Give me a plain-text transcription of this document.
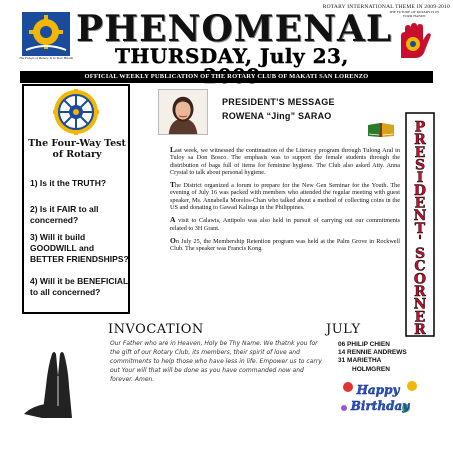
ROTARY INTERNATIONAL THEME IN 2009-2010
The Future of Rotary Is in Your Hands
THE FUTURE OF ROTARY IS IN YOUR HANDS
PHENOMENAL
THURSDAY, July 23,
OFFICIAL WEEKLY PUBLICATION OF THE ROTARY CLUB OF MAKATI SAN LORENZO
The Four-Way Test of Rotary
1) Is it the TRUTH?
2) Is it FAIR to all concerned?
3) Will it build GOODWILL and BETTER FRIENDSHIPS?
4) Will it be BENEFICIAL to all concerned?
PRESIDENT'S MESSAGE
ROWENA “Jing” SARAO

Last week, we witnessed the continuation of the Literacy program through Tulong Aral in Tuloy sa Don Bosco. The emphasis was to support the female students through the distribution of bags full of items for feminine hygiene. The Club also asked Atty. Anna Crystal to talk about personal hygiene.

The District organized a forum to prepare for the New Gen Seminar for the Youth. The evening of July 16 was packed with members who attended the regular meeting with guest speaker, Ms. Annabella Morelos-Chan who talked about a method of collecting coins in the US and donating to Gawad Kalinga in the Philippines.

A visit to Calawis, Antipolo was also held in pursuit of carrying out our commitments related to 3H Grant.

On July 25, the Membership Retention program was held at the Palm Grove in Rockwell Club. The speaker was Francis Kong.

P
R
E
S
I
D
E
N
T
'
S
C
O
R
N
E
R
INVOCATION
Our Father who are in Heaven, Holy be Thy Name. We thatnk you for the gift of our Rotary Club, its members, their spirit of love and commitments to help those who have less in life. Empower us to carry out Your will that will be done as you have commanded now and forever. Amen.
JULY
06 PHILIP CHIEN
14 RENNIE ANDREWS
31 MARIETHA
HOLMGREN
Happy
Birthday
